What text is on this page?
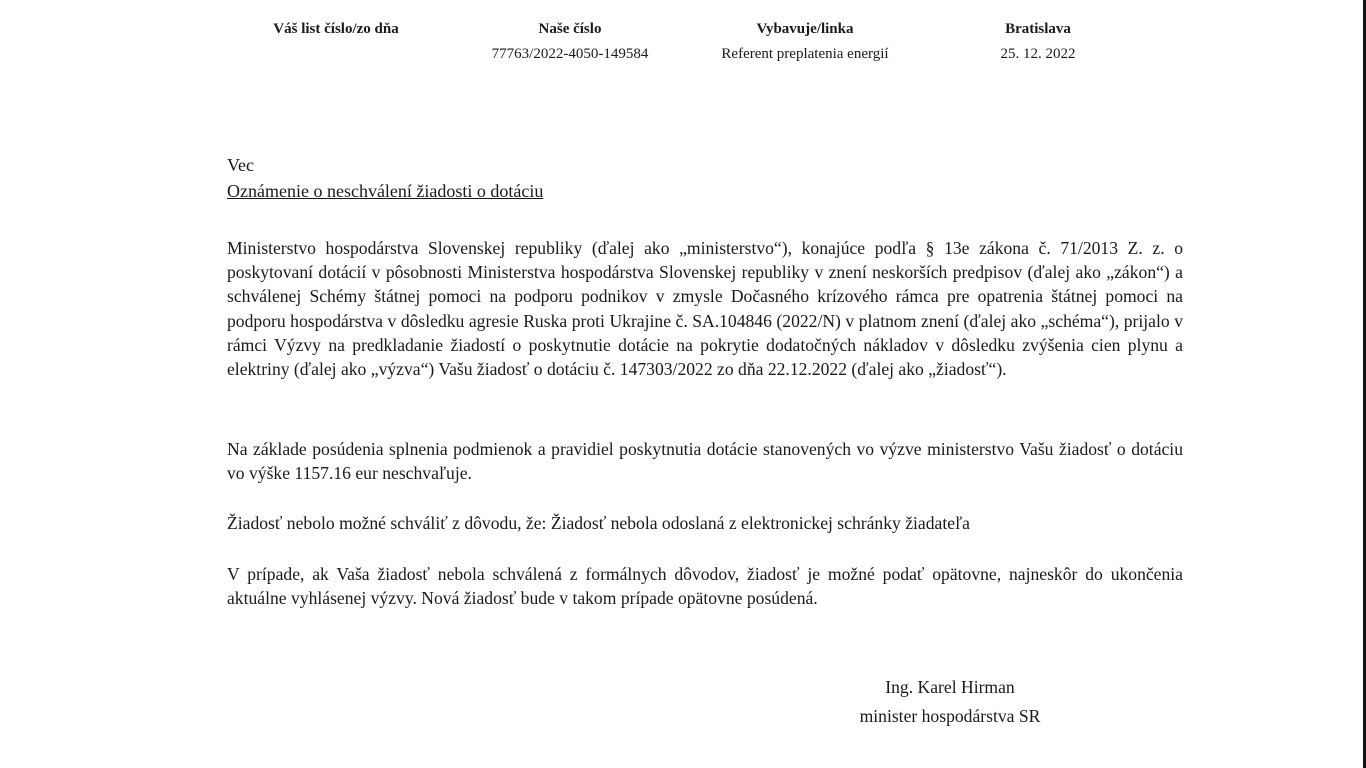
Váš list číslo/zo dňa	Naše číslo
77763/2022-4050-149584
Vybavuje/linka
Referent preplatenia energií
Bratislava
25. 12. 2022
Vec
Oznámenie o neschválení žiadosti o dotáciu
Ministerstvo hospodárstva Slovenskej republiky (ďalej ako „ministerstvo“), konajúce podľa § 13e zákona č. 71/2013 Z. z. o poskytovaní dotácií v pôsobnosti Ministerstva hospodárstva Slovenskej republiky v znení neskorších predpisov (ďalej ako „zákon“) a schválenej Schémy štátnej pomoci na podporu podnikov v zmysle Dočasného krízového rámca pre opatrenia štátnej pomoci na podporu hospodárstva v dôsledku agresie Ruska proti Ukrajine č. SA.104846 (2022/N) v platnom znení (ďalej ako „schéma“), prijalo v rámci Výzvy na predkladanie žiadostí o poskytnutie dotácie na pokrytie dodatočných nákladov v dôsledku zvýšenia cien plynu a elektriny (ďalej ako „výzva“) Vašu žiadosť o dotáciu č. 147303/2022 zo dňa 22.12.2022 (ďalej ako „žiadosť“).
Na základe posúdenia splnenia podmienok a pravidiel poskytnutia dotácie stanovených vo výzve ministerstvo Vašu žiadosť o dotáciu vo výške 1157.16 eur neschvaľuje.
Žiadosť nebolo možné schváliť z dôvodu, že: Žiadosť nebola odoslaná z elektronickej schránky žiadateľa
V prípade, ak Vaša žiadosť nebola schválená z formálnych dôvodov, žiadosť je možné podať opätovne, najneskôr do ukončenia aktuálne vyhlásenej výzvy. Nová žiadosť bude v takom prípade opätovne posúdená.
Ing. Karel Hirman
minister hospodárstva SR
